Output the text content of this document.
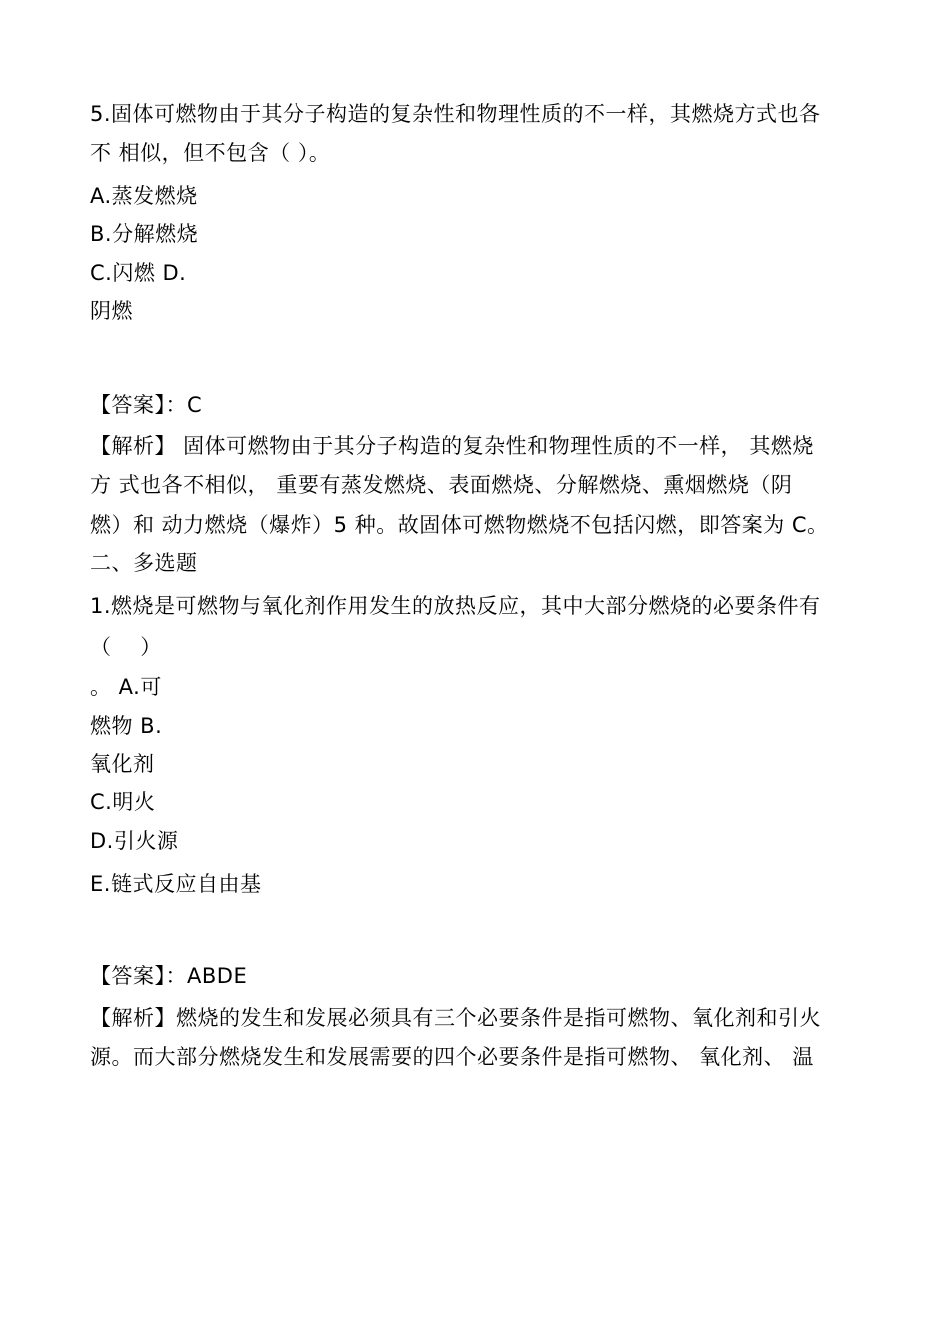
5.固体可燃物由于其分子构造的复杂性和物理性质的不一样，其燃烧方式也各
不 相似，但不包含（ ）。
A.蒸发燃烧
B.分解燃烧
C.闪燃 D.
阴燃
【答案】：C
【解析】 固体可燃物由于其分子构造的复杂性和物理性质的不一样， 其燃烧
方 式也各不相似， 重要有蒸发燃烧、表面燃烧、分解燃烧、熏烟燃烧（阴
燃）和 动力燃烧（爆炸）5 种。故固体可燃物燃烧不包括闪燃，即答案为 C。
二、多选题
1.燃烧是可燃物与氧化剂作用发生的放热反应，其中大部分燃烧的必要条件有
（    ）
。 A.可
燃物 B.
氧化剂
C.明火
D.引火源
E.链式反应自由基
【答案】：ABDE
【解析】燃烧的发生和发展必须具有三个必要条件是指可燃物、氧化剂和引火
源。而大部分燃烧发生和发展需要的四个必要条件是指可燃物、 氧化剂、 温
